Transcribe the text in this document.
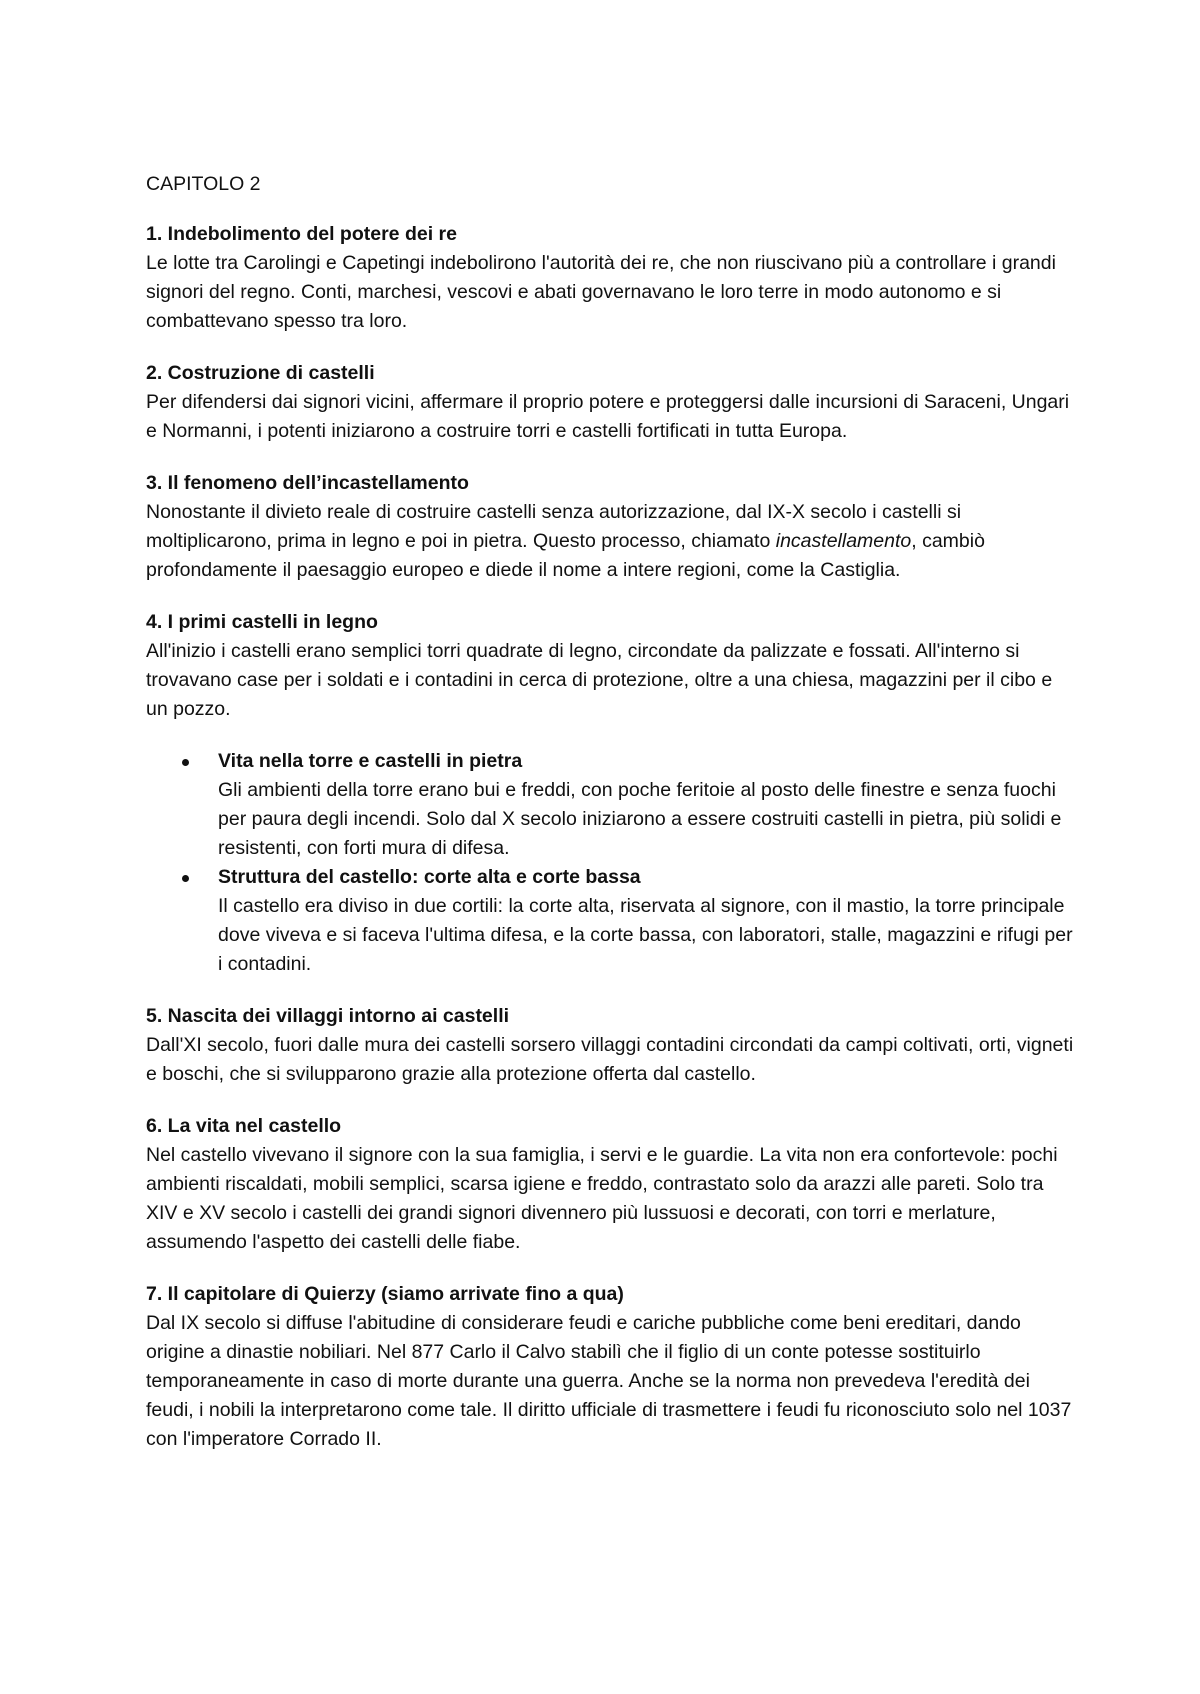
CAPITOLO 2

1. Indebolimento del potere dei re

Le lotte tra Carolingi e Capetingi indebolirono l'autorità dei re, che non riuscivano più a controllare i grandi signori del regno. Conti, marchesi, vescovi e abati governavano le loro terre in modo autonomo e si combattevano spesso tra loro.

2. Costruzione di castelli

Per difendersi dai signori vicini, affermare il proprio potere e proteggersi dalle incursioni di Saraceni, Ungari e Normanni, i potenti iniziarono a costruire torri e castelli fortificati in tutta Europa.

3. Il fenomeno dell’incastellamento

Nonostante il divieto reale di costruire castelli senza autorizzazione, dal IX-X secolo i castelli si moltiplicarono, prima in legno e poi in pietra. Questo processo, chiamato incastellamento, cambiò profondamente il paesaggio europeo e diede il nome a intere regioni, come la Castiglia.

4. I primi castelli in legno

All'inizio i castelli erano semplici torri quadrate di legno, circondate da palizzate e fossati. All'interno si trovavano case per i soldati e i contadini in cerca di protezione, oltre a una chiesa, magazzini per il cibo e un pozzo.

Vita nella torre e castelli in pietra
Gli ambienti della torre erano bui e freddi, con poche feritoie al posto delle finestre e senza fuochi per paura degli incendi. Solo dal X secolo iniziarono a essere costruiti castelli in pietra, più solidi e resistenti, con forti mura di difesa.
Struttura del castello: corte alta e corte bassa
Il castello era diviso in due cortili: la corte alta, riservata al signore, con il mastio, la torre principale dove viveva e si faceva l'ultima difesa, e la corte bassa, con laboratori, stalle, magazzini e rifugi per i contadini.

5. Nascita dei villaggi intorno ai castelli

Dall'XI secolo, fuori dalle mura dei castelli sorsero villaggi contadini circondati da campi coltivati, orti, vigneti e boschi, che si svilupparono grazie alla protezione offerta dal castello.

6. La vita nel castello

Nel castello vivevano il signore con la sua famiglia, i servi e le guardie. La vita non era confortevole: pochi ambienti riscaldati, mobili semplici, scarsa igiene e freddo, contrastato solo da arazzi alle pareti. Solo tra XIV e XV secolo i castelli dei grandi signori divennero più lussuosi e decorati, con torri e merlature, assumendo l'aspetto dei castelli delle fiabe.

7. Il capitolare di Quierzy (siamo arrivate fino a qua)

Dal IX secolo si diffuse l'abitudine di considerare feudi e cariche pubbliche come beni ereditari, dando origine a dinastie nobiliari. Nel 877 Carlo il Calvo stabilì che il figlio di un conte potesse sostituirlo temporaneamente in caso di morte durante una guerra. Anche se la norma non prevedeva l'eredità dei feudi, i nobili la interpretarono come tale. Il diritto ufficiale di trasmettere i feudi fu riconosciuto solo nel 1037 con l'imperatore Corrado II.
